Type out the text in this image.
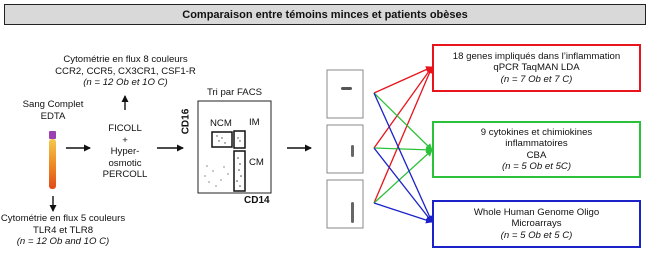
Comparaison entre témoins minces et patients obèses
Cytométrie en flux 8 couleurs
CCR2, CCR5, CX3CR1, CSF1-R
(n = 12 Ob et 1O C)
Sang Complet
EDTA
FICOLL
+
Hyper-
osmotic
PERCOLL
Cytométrie en flux 5 couleurs
TLR4 et TLR8
(n = 12 Ob and 1O C)
Tri par FACS
CD16
CD14
NCM IM
CM
18 genes impliqués dans l’inflammation
qPCR TaqMAN LDA
(n = 7 Ob et 7 C)
9 cytokines et chimiokines
inflammatoires
CBA
(n = 5 Ob et 5C)
Whole Human Genome Oligo
Microarrays
(n = 5 Ob et 5 C)
